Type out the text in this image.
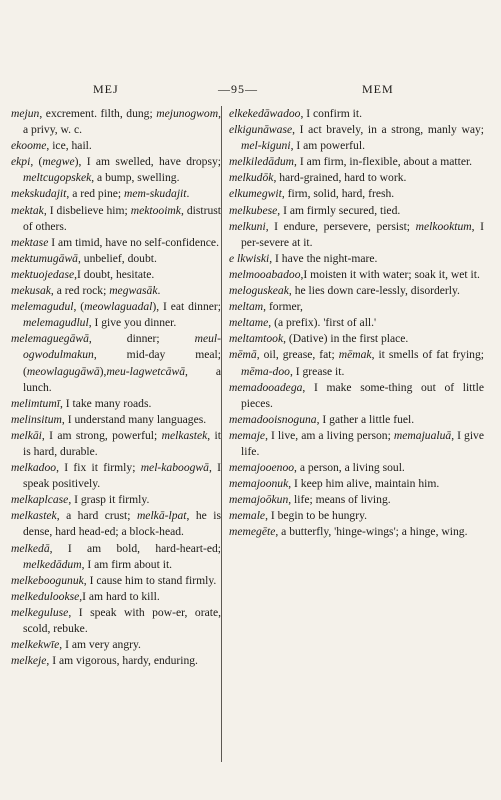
MEJ	—95—	MEM

mejun, excrement. filth, dung; mejunogwom, a privy, w. c.

ekoome, ice, hail.

ekpi, (megwe), I am swelled, have dropsy; meltcugopskek, a bump, swelling.

mekskudajit, a red pine; mem-skudajit.

mektak, I disbelieve him; mektooimk, distrust of others.

mektase I am timid, have no self-confidence.

mektumugāwā, unbelief, doubt.

mektuojedase,I doubt, hesitate.

mekusak, a red rock; megwasāk.

melemagudul, (meowlaguadal), I eat dinner; melemagudlul, I give you dinner.

melemaguegāwā, dinner; meul-ogwodulmakun, mid-day meal;(meowlagugāwā),meu-lagwetcāwā, a lunch.

melimtumī, I take many roads.

melinsitum, I understand many languages.

melkāi, I am strong, powerful; melkastek, it is hard, durable.

melkadoo, I fix it firmly; mel-kaboogwā, I speak positively.

melkaplcase, I grasp it firmly.

melkastek, a hard crust; melkā-lpat, he is dense, hard head-ed; a block-head.

melkedā, I am bold, hard-heart-ed; melkedādum, I am firm about it.

melkeboogunuk, I cause him to stand firmly.

melkedulookse,I am hard to kill.

melkeguluse, I speak with pow-er, orate, scold, rebuke.

melkekwīe, I am very angry.

melkeje, I am vigorous, hardy, enduring.

elkekedāwadoo, I confirm it.

elkigunāwase, I act bravely, in a strong, manly way; mel-kiguni, I am powerful.

melkiledādum, I am firm, in-flexible, about a matter.

melkudōk, hard-grained, hard to work.

elkumegwit, firm, solid, hard, fresh.

melkubese, I am firmly secured, tied.

melkuni, I endure, persevere, persist; melkooktum, I per-severe at it.

e lkwiski, I have the night-mare.

melmooabadoo,I moisten it with water; soak it, wet it.

meloguskeak, he lies down care-lessly, disorderly.

meltam, former,

meltame, (a prefix). 'first of all.'

meltamtook, (Dative) in the first place.

mēmā, oil, grease, fat; mēmak, it smells of fat frying; mēma-doo, I grease it.

memadooadega, I make some-thing out of little pieces.

memadooisnoguna, I gather a little fuel.

memaje, I live, am a living person; memajualuā, I give life.

memajooenoo, a person, a living soul.

memajoonuk, I keep him alive, maintain him.

memajoōkun, life; means of living.

memale, I begin to be hungry.

memegēte, a butterfly, 'hinge-wings'; a hinge, wing.
